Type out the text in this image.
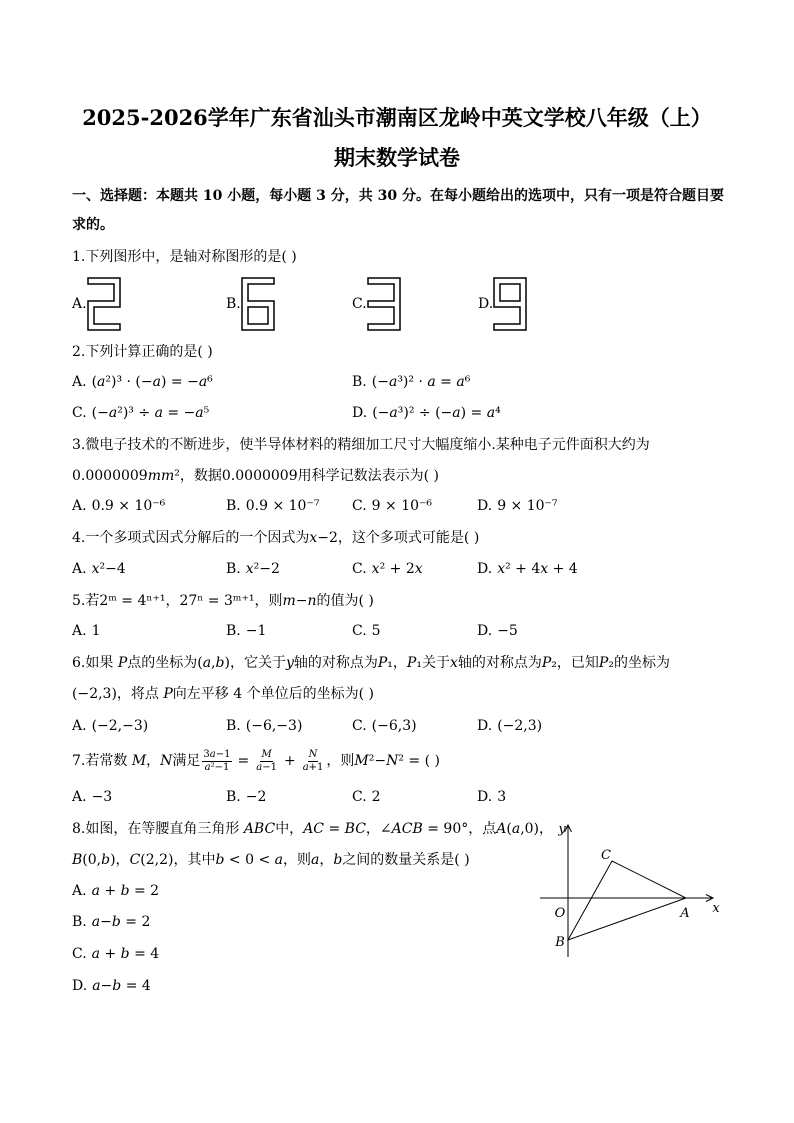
2025-2026学年广东省汕头市潮南区龙岭中英文学校八年级（上）期末数学试卷
一、选择题：本题共 10 小题，每小题 3 分，共 30 分。在每小题给出的选项中，只有一项是符合题目要求的。
1.下列图形中，是轴对称图形的是( )
A.	B.	C.	D.
2.下列计算正确的是( )
A. (a²)³ · (−a) = −a⁶	B. (−a³)² · a = a⁶
C. (−a²)³ ÷ a = −a⁵	D. (−a³)² ÷ (−a) = a⁴
3.微电子技术的不断进步，使半导体材料的精细加工尺寸大幅度缩小.某种电子元件面积大约为0.0000009mm²，数据0.0000009用科学记数法表示为( )
A. 0.9 × 10⁻⁶	B. 0.9 × 10⁻⁷ C. 9 × 10⁻⁶	D. 9 × 10⁻⁷
4.一个多项式因式分解后的一个因式为x−2，这个多项式可能是( )
A. x²−4	B. x²−2	C. x² + 2x	D. x² + 4x + 4
5.若2ᵐ = 4ⁿ⁺¹，27ⁿ = 3ᵐ⁺¹，则m−n的值为( )
A. 1	B. −1	C. 5	D. −5
6.如果 P点的坐标为(a,b)，它关于y轴的对称点为P₁，P₁关于x轴的对称点为P₂，已知P₂的坐标为(−2,3)，将点 P向左平移 4 个单位后的坐标为( )
A. (−2,−3)	B. (−6,−3)	C. (−6,3)	D. (−2,3)
7.若常数 M，N满足 $\frac{3a-1}{\text{a²−1}} = \frac{M}{a-1} + \frac{N}{a+1}$ ，则M²−N² = ( )
A. −3	B. −2	C. 2	D. 3
8.如图，在等腰直角三角形 ABC中，AC = BC，∠ACB = 90°，点A(a,0)，B(0,b)，C(2,2)，其中b < 0 < a，则a，b之间的数量关系是( )
A. a + b = 2
B. a−b = 2
C. a + b = 4
D. a−b = 4
y
x
O	A
B
C
